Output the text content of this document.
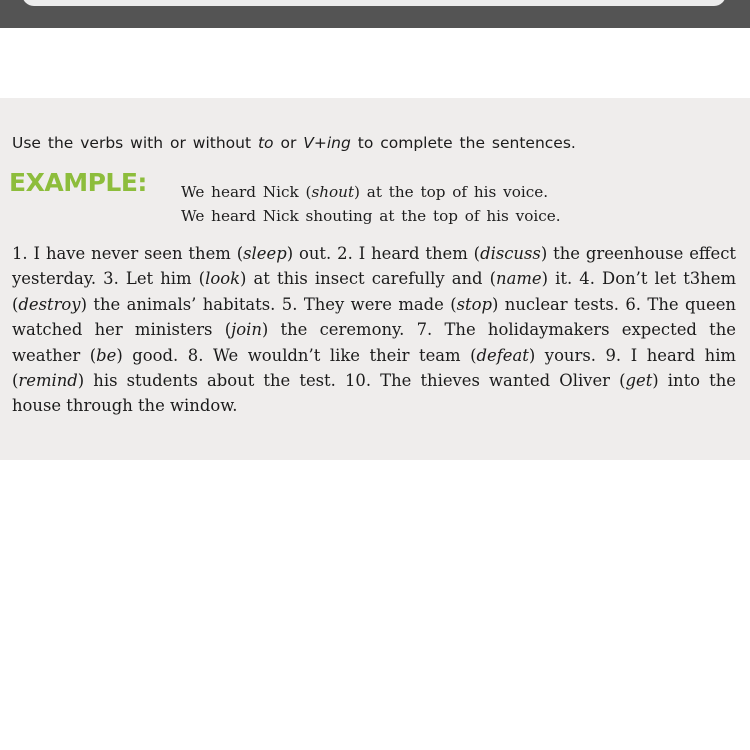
Use the verbs with or without to or V+ing to complete the sentences.
EXAMPLE: We heard Nick (shout) at the top of his voice.
We heard Nick shouting at the top of his voice.
1. I have never seen them (sleep) out. 2. I heard them (discuss) the greenhouse effect yesterday. 3. Let him (look) at this insect carefully and (name) it. 4. Don’t let t3hem (destroy) the animals’ habitats. 5. They were made (stop) nuclear tests. 6. The queen watched her ministers (join) the ceremony. 7. The holidaymakers expected the weather (be) good. 8. We wouldn’t like their team (defeat) yours. 9. I heard him (remind) his students about the test. 10. The thieves wanted Oliver (get) into the house through the window.
